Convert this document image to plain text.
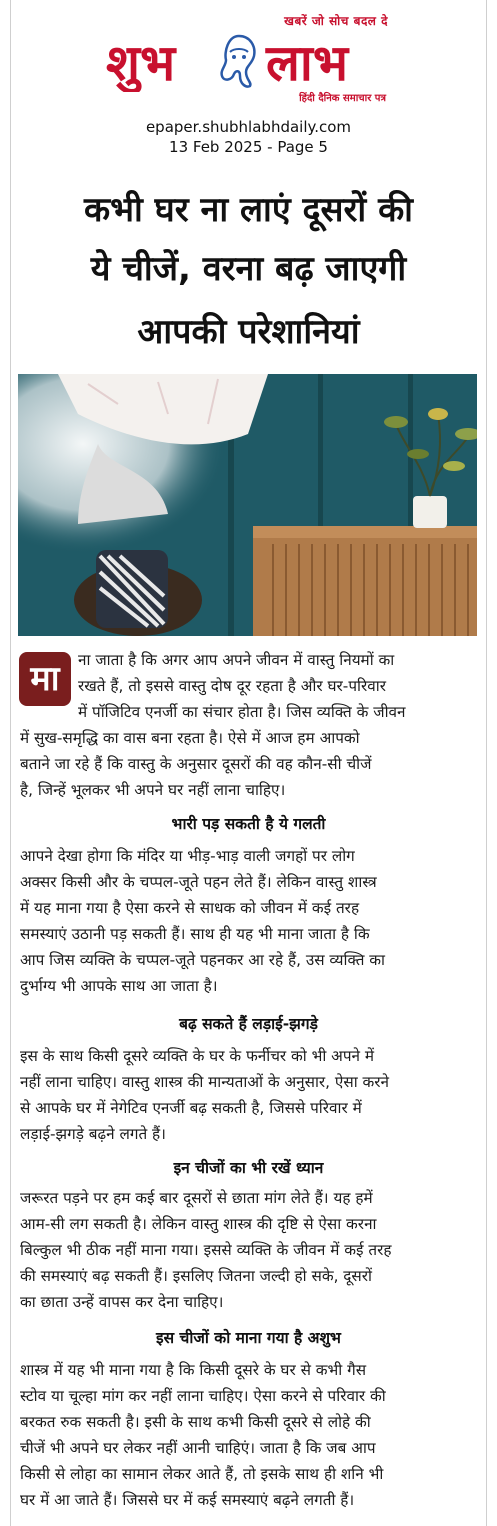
खबरें जो सोच बदल दे
शुभ लाभ
हिंदी दैनिक समाचार पत्र
epaper.shubhlabhdaily.com
13 Feb 2025 - Page 5
कभी घर ना लाएं दूसरों की
ये चीजें, वरना बढ़ जाएगी
आपकी परेशानियां
मा	ना जाता है कि अगर आप अपने जीवन में वास्तु नियमों का
रखते हैं, तो इससे वास्तु दोष दूर रहता है और घर-परिवार
में पॉजिटिव एनर्जी का संचार होता है। जिस व्यक्ति के जीवन
में सुख-समृद्धि का वास बना रहता है। ऐसे में आज हम आपको
बताने जा रहे हैं कि वास्तु के अनुसार दूसरों की वह कौन-सी चीजें
है, जिन्हें भूलकर भी अपने घर नहीं लाना चाहिए।
भारी पड़ सकती है ये गलती
आपने देखा होगा कि मंदिर या भीड़-भाड़ वाली जगहों पर लोग
अक्सर किसी और के चप्पल-जूते पहन लेते हैं। लेकिन वास्तु शास्त्र
में यह माना गया है ऐसा करने से साधक को जीवन में कई तरह
समस्याएं उठानी पड़ सकती हैं। साथ ही यह भी माना जाता है कि
आप जिस व्यक्ति के चप्पल-जूते पहनकर आ रहे हैं, उस व्यक्ति का
दुर्भाग्य भी आपके साथ आ जाता है।
बढ़ सकते हैं लड़ाई-झगड़े
इस के साथ किसी दूसरे व्यक्ति के घर के फर्नीचर को भी अपने में
नहीं लाना चाहिए। वास्तु शास्त्र की मान्यताओं के अनुसार, ऐसा करने
से आपके घर में नेगेटिव एनर्जी बढ़ सकती है, जिससे परिवार में
लड़ाई-झगड़े बढ़ने लगते हैं।
इन चीजों का भी रखें ध्यान
जरूरत पड़ने पर हम कई बार दूसरों से छाता मांग लेते हैं। यह हमें
आम-सी लग सकती है। लेकिन वास्तु शास्त्र की दृष्टि से ऐसा करना
बिल्कुल भी ठीक नहीं माना गया। इससे व्यक्ति के जीवन में कई तरह
की समस्याएं बढ़ सकती हैं। इसलिए जितना जल्दी हो सके, दूसरों
का छाता उन्हें वापस कर देना चाहिए।
इस चीजों को माना गया है अशुभ
शास्त्र में यह भी माना गया है कि किसी दूसरे के घर से कभी गैस
स्टोव या चूल्हा मांग कर नहीं लाना चाहिए। ऐसा करने से परिवार की
बरकत रुक सकती है। इसी के साथ कभी किसी दूसरे से लोहे की
चीजें भी अपने घर लेकर नहीं आनी चाहिएं। जाता है कि जब आप
किसी से लोहा का सामान लेकर आते हैं, तो इसके साथ ही शनि भी
घर में आ जाते हैं। जिससे घर में कई समस्याएं बढ़ने लगती हैं।
